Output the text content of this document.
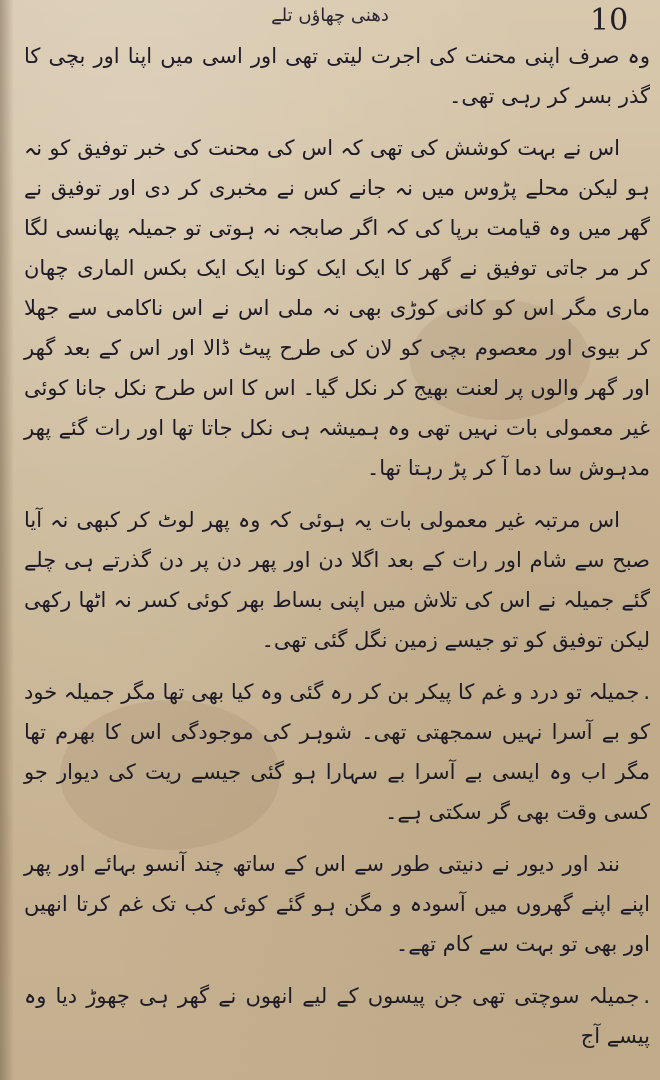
10
دھنی چھاؤں تلے

وہ صرف اپنی محنت کی اجرت لیتی تھی اور اسی میں اپنا اور بچی کا گذر بسر کر رہی تھی۔

اس نے بہت کوشش کی تھی کہ اس کی محنت کی خبر توفیق کو نہ ہو لیکن محلے پڑوس میں نہ جانے کس نے مخبری کر دی اور توفیق نے گھر میں وہ قیامت برپا کی کہ اگر صابجہ نہ ہوتی تو جمیلہ پھانسی لگا کر مر جاتی توفیق نے گھر کا ایک ایک کونا ایک ایک بکس الماری چھان ماری مگر اس کو کانی کوڑی بھی نہ ملی اس نے اس ناکامی سے جھلا کر بیوی اور معصوم بچی کو لان کی طرح پیٹ ڈالا اور اس کے بعد گھر اور گھر والوں پر لعنت بھیج کر نکل گیا۔ اس کا اس طرح نکل جانا کوئی غیر معمولی بات نہیں تھی وہ ہمیشہ ہی نکل جاتا تھا اور رات گئے پھر مدہوش سا دما آ کر پڑ رہتا تھا۔

اس مرتبہ غیر معمولی بات یہ ہوئی کہ وہ پھر لوٹ کر کبھی نہ آیا صبح سے شام اور رات کے بعد اگلا دن اور پھر دن پر دن گذرتے ہی چلے گئے جمیلہ نے اس کی تلاش میں اپنی بساط بھر کوئی کسر نہ اٹھا رکھی لیکن توفیق کو تو جیسے زمین نگل گئی تھی۔

. جمیلہ تو درد و غم کا پیکر بن کر رہ گئی وہ کیا بھی تھا مگر جمیلہ خود کو بے آسرا نہیں سمجھتی تھی۔ شوہر کی موجودگی اس کا بھرم تھا مگر اب وہ ایسی بے آسرا بے سہارا ہو گئی جیسے ریت کی دیوار جو کسی وقت بھی گر سکتی ہے۔

نند اور دیور نے دنیتی طور سے اس کے ساتھ چند آنسو بہائے اور پھر اپنے اپنے گھروں میں آسودہ و مگن ہو گئے کوئی کب تک غم کرتا انھیں اور بھی تو بہت سے کام تھے۔

. جمیلہ سوچتی تھی جن پیسوں کے لیے انھوں نے گھر ہی چھوڑ دیا وہ پیسے آج
